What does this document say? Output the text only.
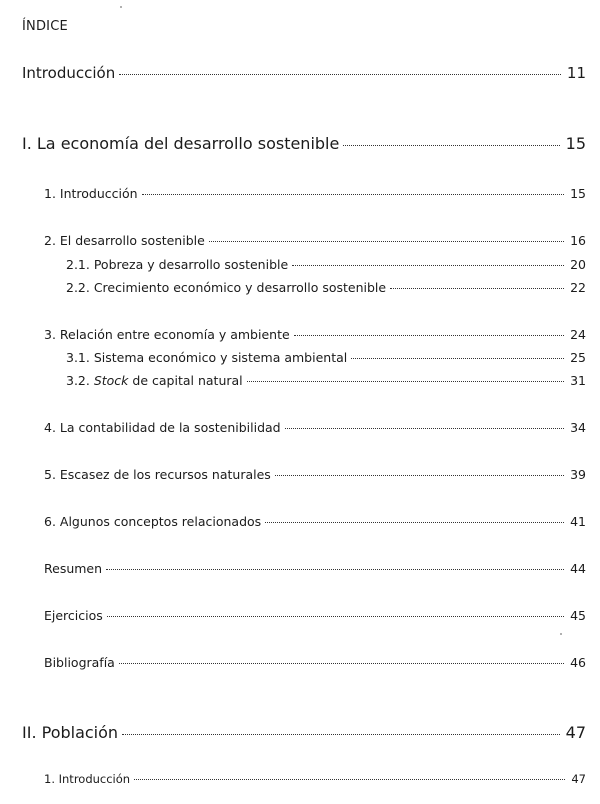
ÍNDICE
Introducción	11
I. La economía del desarrollo sostenible	15
1. Introducción	15
2. El desarrollo sostenible	16
2.1. Pobreza y desarrollo sostenible	20
2.2. Crecimiento económico y desarrollo sostenible	22
3. Relación entre economía y ambiente	24
3.1. Sistema económico y sistema ambiental	25
3.2. Stock de capital natural	31
4. La contabilidad de la sostenibilidad	34
5. Escasez de los recursos naturales	39
6. Algunos conceptos relacionados	41
Resumen	44
Ejercicios	45
Bibliografía	46
II. Población	47
1. Introducción	47
